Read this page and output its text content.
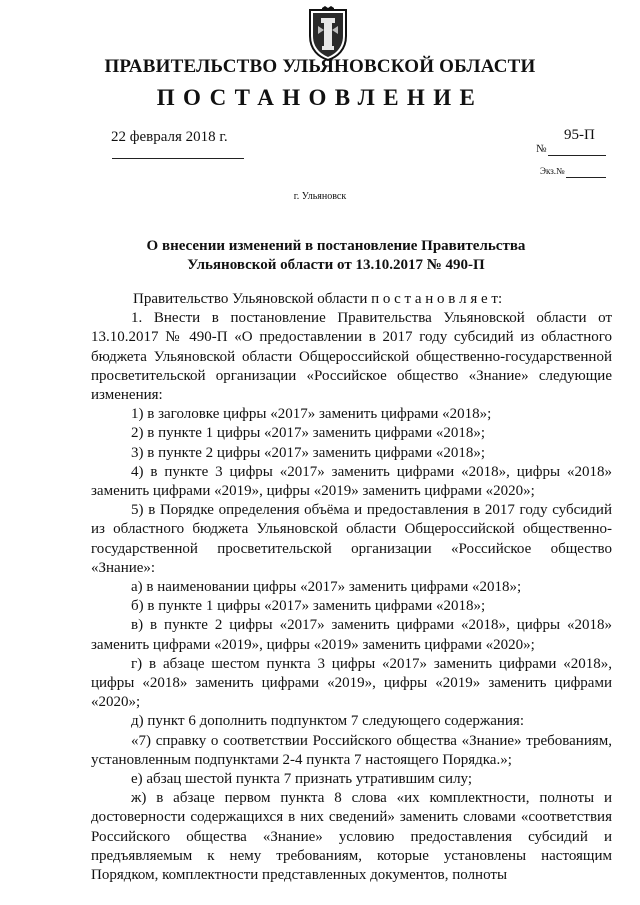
ПРАВИТЕЛЬСТВО УЛЬЯНОВСКОЙ ОБЛАСТИ
ПОСТАНОВЛЕНИЕ
22 февраля 2018 г.
№
95-П
Экз.№
г. Ульяновск
О внесении изменений в постановление Правительства Ульяновской области от 13.10.2017 № 490-П

Правительство Ульяновской области п о с т а н о в л я е т:

1. Внести в постановление Правительства Ульяновской области от 13.10.2017 № 490-П «О предоставлении в 2017 году субсидий из областного бюджета Ульяновской области Общероссийской общественно-государственной просветительской организации «Российское общество «Знание» следующие изменения:

1) в заголовке цифры «2017» заменить цифрами «2018»;

2) в пункте 1 цифры «2017» заменить цифрами «2018»;

3) в пункте 2 цифры «2017» заменить цифрами «2018»;

4) в пункте 3 цифры «2017» заменить цифрами «2018», цифры «2018» заменить цифрами «2019», цифры «2019» заменить цифрами «2020»;

5) в Порядке определения объёма и предоставления в 2017 году субсидий из областного бюджета Ульяновской области Общероссийской общественно-государственной просветительской организации «Российское общество «Знание»:

а) в наименовании цифры «2017» заменить цифрами «2018»;

б) в пункте 1 цифры «2017» заменить цифрами «2018»;

в) в пункте 2 цифры «2017» заменить цифрами «2018», цифры «2018» заменить цифрами «2019», цифры «2019» заменить цифрами «2020»;

г) в абзаце шестом пункта 3 цифры «2017» заменить цифрами «2018», цифры «2018» заменить цифрами «2019», цифры «2019» заменить цифрами «2020»;

д) пункт 6 дополнить подпунктом 7 следующего содержания:

«7) справку о соответствии Российского общества «Знание» требованиям, установленным подпунктами 2-4 пункта 7 настоящего Порядка.»;

е) абзац шестой пункта 7 признать утратившим силу;

ж) в абзаце первом пункта 8 слова «их комплектности, полноты и достоверности содержащихся в них сведений» заменить словами «соответствия Российского общества «Знание» условию предоставления субсидий и предъявляемым к нему требованиям, которые установлены настоящим Порядком, комплектности представленных документов, полноты
